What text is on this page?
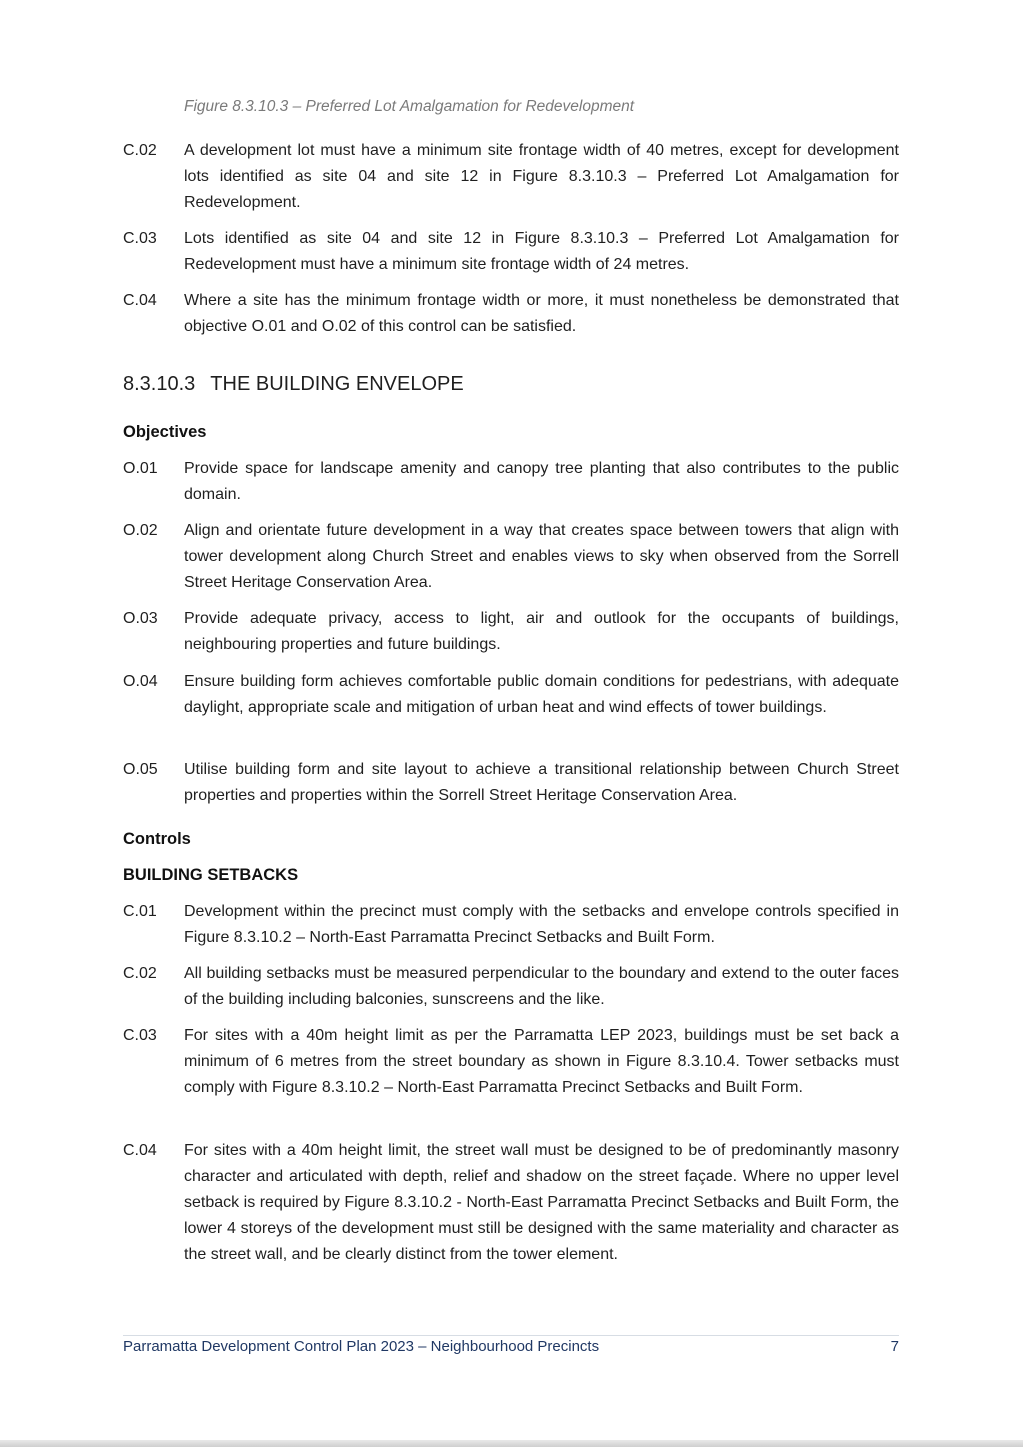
Figure 8.3.10.3 – Preferred Lot Amalgamation for Redevelopment
C.02	A development lot must have a minimum site frontage width of 40 metres, except for development lots identified as site 04 and site 12 in Figure 8.3.10.3 – Preferred Lot Amalgamation for Redevelopment.
C.03	Lots identified as site 04 and site 12 in Figure 8.3.10.3 – Preferred Lot Amalgamation for Redevelopment must have a minimum site frontage width of 24 metres.
C.04	Where a site has the minimum frontage width or more, it must nonetheless be demonstrated that objective O.01 and O.02 of this control can be satisfied.
8.3.10.3 THE BUILDING ENVELOPE
Objectives
O.01	Provide space for landscape amenity and canopy tree planting that also contributes to the public domain.
O.02	Align and orientate future development in a way that creates space between towers that align with tower development along Church Street and enables views to sky when observed from the Sorrell Street Heritage Conservation Area.
O.03	Provide adequate privacy, access to light, air and outlook for the occupants of buildings, neighbouring properties and future buildings.
O.04	Ensure building form achieves comfortable public domain conditions for pedestrians, with adequate daylight, appropriate scale and mitigation of urban heat and wind effects of tower buildings.
O.05	Utilise building form and site layout to achieve a transitional relationship between Church Street properties and properties within the Sorrell Street Heritage Conservation Area.
Controls
BUILDING SETBACKS
C.01	Development within the precinct must comply with the setbacks and envelope controls specified in Figure 8.3.10.2 – North-East Parramatta Precinct Setbacks and Built Form.
C.02	All building setbacks must be measured perpendicular to the boundary and extend to the outer faces of the building including balconies, sunscreens and the like.
C.03	For sites with a 40m height limit as per the Parramatta LEP 2023, buildings must be set back a minimum of 6 metres from the street boundary as shown in Figure 8.3.10.4. Tower setbacks must comply with Figure 8.3.10.2 – North-East Parramatta Precinct Setbacks and Built Form.
C.04	For sites with a 40m height limit, the street wall must be designed to be of predominantly masonry character and articulated with depth, relief and shadow on the street façade. Where no upper level setback is required by Figure 8.3.10.2 - North-East Parramatta Precinct Setbacks and Built Form, the lower 4 storeys of the development must still be designed with the same materiality and character as the street wall, and be clearly distinct from the tower element.
Parramatta Development Control Plan 2023 – Neighbourhood Precincts	7
